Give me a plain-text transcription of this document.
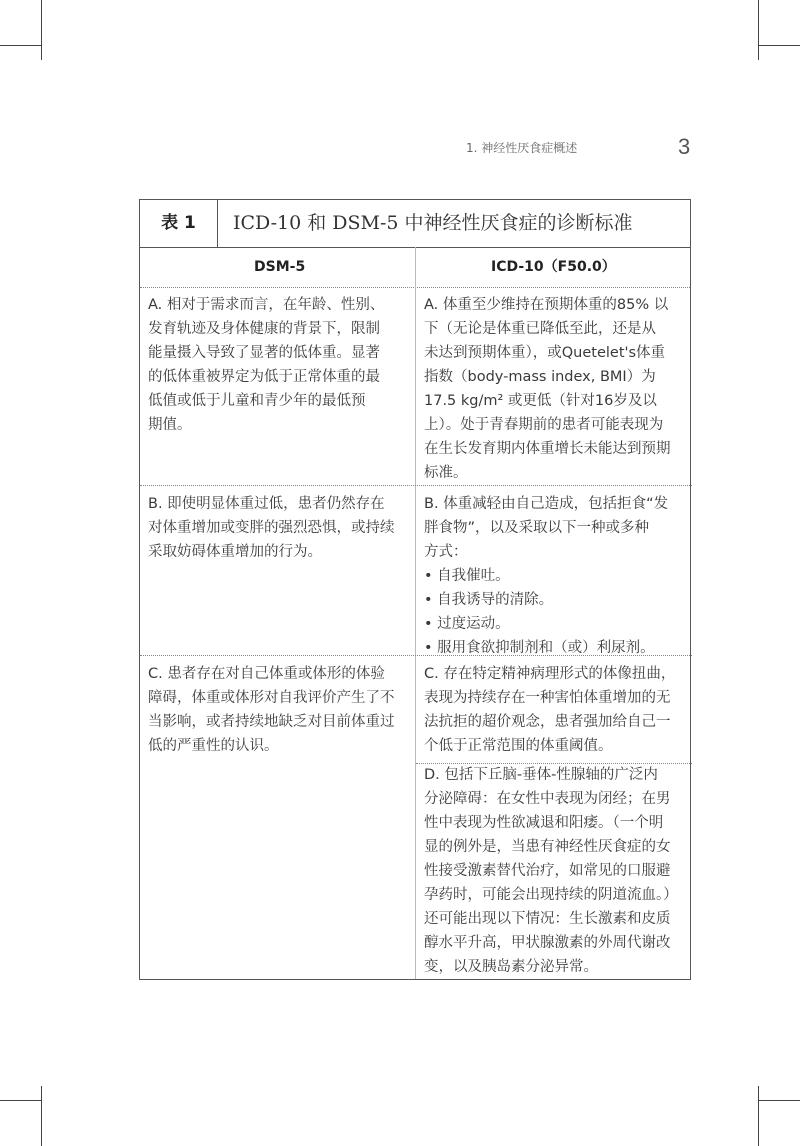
1. 神经性厌食症概述	3
表 1	ICD-10 和 DSM-5 中神经性厌食症的诊断标准
DSM-5	ICD-10（F50.0）
A. 相对于需求而言，在年龄、性别、
发育轨迹及身体健康的背景下，限制
能量摄入导致了显著的低体重。显著
的低体重被界定为低于正常体重的最
低值或低于儿童和青少年的最低预
期值。
A. 体重至少维持在预期体重的85% 以
下（无论是体重已降低至此，还是从
未达到预期体重），或Quetelet's体重
指数（body-mass index, BMI）为
17.5 kg/m² 或更低（针对16岁及以
上）。处于青春期前的患者可能表现为
在生长发育期内体重增长未能达到预期
标准。
B. 即使明显体重过低，患者仍然存在
对体重增加或变胖的强烈恐惧，或持续
采取妨碍体重增加的行为。
B. 体重减轻由自己造成，包括拒食“发
胖食物”，以及采取以下一种或多种
方式：
• 自我催吐。
• 自我诱导的清除。
• 过度运动。
• 服用食欲抑制剂和（或）利尿剂。
C. 患者存在对自己体重或体形的体验
障碍，体重或体形对自我评价产生了不
当影响，或者持续地缺乏对目前体重过
低的严重性的认识。
C. 存在特定精神病理形式的体像扭曲，
表现为持续存在一种害怕体重增加的无
法抗拒的超价观念，患者强加给自己一
个低于正常范围的体重阈值。
D. 包括下丘脑-垂体-性腺轴的广泛内
分泌障碍：在女性中表现为闭经；在男
性中表现为性欲减退和阳痿。（一个明
显的例外是，当患有神经性厌食症的女
性接受激素替代治疗，如常见的口服避
孕药时，可能会出现持续的阴道流血。）
还可能出现以下情况：生长激素和皮质
醇水平升高，甲状腺激素的外周代谢改
变，以及胰岛素分泌异常。
